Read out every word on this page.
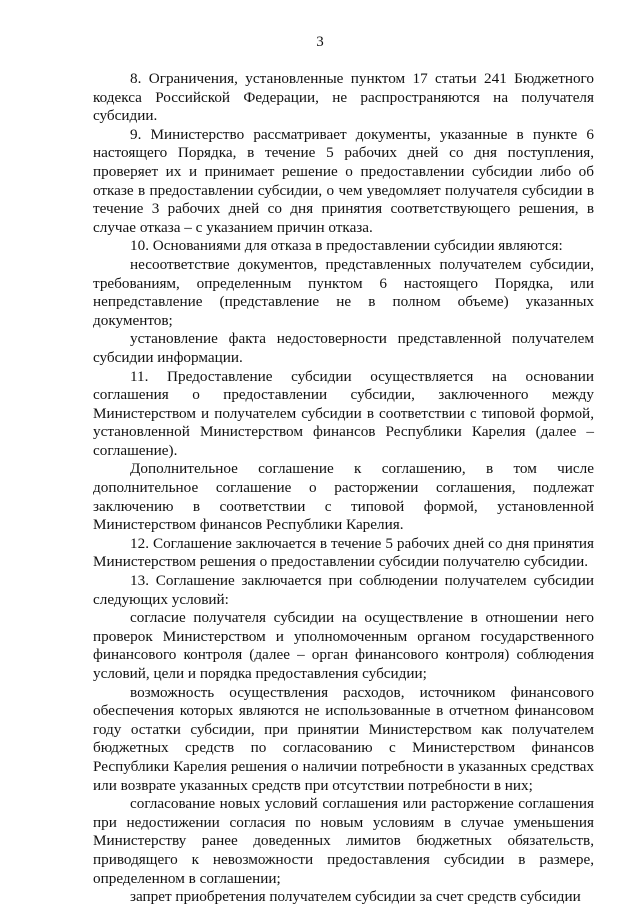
3

8. Ограничения, установленные пунктом 17 статьи 241 Бюджетного кодекса Российской Федерации, не распространяются на получателя субсидии.

9. Министерство рассматривает документы, указанные в пункте 6 настоящего Порядка, в течение 5 рабочих дней со дня поступления, проверяет их и принимает решение о предоставлении субсидии либо об отказе в предоставлении субсидии, о чем уведомляет получателя субсидии в течение 3 рабочих дней со дня принятия соответствующего решения, в случае отказа – с указанием причин отказа.

10. Основаниями для отказа в предоставлении субсидии являются:

несоответствие документов, представленных получателем субсидии, требованиям, определенным пунктом 6 настоящего Порядка, или непредставление (представление не в полном объеме) указанных документов;

установление факта недостоверности представленной получателем субсидии информации.

11. Предоставление субсидии осуществляется на основании соглашения о предоставлении субсидии, заключенного между Министерством и получателем субсидии в соответствии с типовой формой, установленной Министерством финансов Республики Карелия (далее – соглашение).

Дополнительное соглашение к соглашению, в том числе дополнительное соглашение о расторжении соглашения, подлежат заключению в соответствии с типовой формой, установленной Министерством финансов Республики Карелия.

12. Соглашение заключается в течение 5 рабочих дней со дня принятия Министерством решения о предоставлении субсидии получателю субсидии.

13. Соглашение заключается при соблюдении получателем субсидии следующих условий:

согласие получателя субсидии на осуществление в отношении него проверок Министерством и уполномоченным органом государственного финансового контроля (далее – орган финансового контроля) соблюдения условий, цели и порядка предоставления субсидии;

возможность осуществления расходов, источником финансового обеспечения которых являются не использованные в отчетном финансовом году остатки субсидии, при принятии Министерством как получателем бюджетных средств по согласованию с Министерством финансов Республики Карелия решения о наличии потребности в указанных средствах или возврате указанных средств при отсутствии потребности в них;

согласование новых условий соглашения или расторжение соглашения при недостижении согласия по новым условиям в случае уменьшения Министерству ранее доведенных лимитов бюджетных обязательств, приводящего к невозможности предоставления субсидии в размере, определенном в соглашении;

запрет приобретения получателем субсидии за счет средств субсидии
